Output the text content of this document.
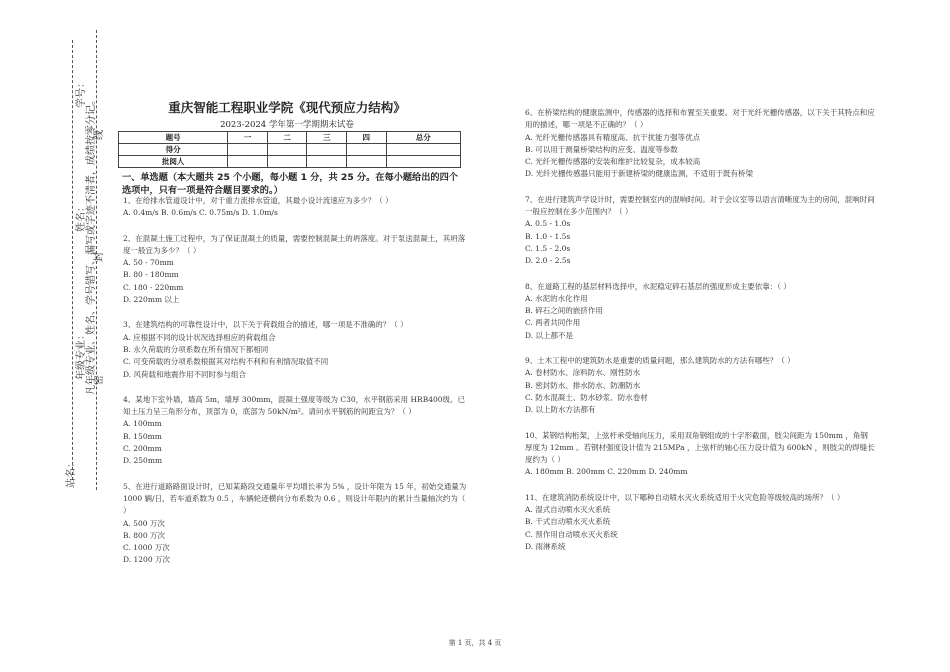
学号：
姓名：
年级专业：
站名：
凡年级专业、姓名、学号错写、漏写或字迹不清者，成绩按零分记。
线
封
密
重庆智能工程职业学院《现代预应力结构》
2023-2024 学年第一学期期末试卷
题号	一	二	三	四	总分
得分					
批阅人					
一、单选题（本大题共 25 个小题，每小题 1 分，共 25 分。在每小题给出的四个选项中，只有一项是符合题目要求的。）
1、在给排水管道设计中，对于重力流排水管道，其最小设计流速应为多少？（ ）
A. 0.4m/s B. 0.6m/s C. 0.75m/s D. 1.0m/s
2、在混凝土施工过程中，为了保证混凝土的质量，需要控制混凝土的坍落度。对于泵送混凝土，其坍落度一般宜为多少？（ ）
A. 50 - 70mm
B. 80 - 180mm
C. 180 - 220mm
D. 220mm 以上
3、在建筑结构的可靠性设计中，以下关于荷载组合的描述，哪一项是不准确的？（ ）
A. 应根据不同的设计状况选择相应的荷载组合
B. 永久荷载的分项系数在所有情况下都相同
C. 可变荷载的分项系数根据其对结构不利和有利情况取值不同
D. 风荷载和地震作用不同时参与组合
4、某地下室外墙，墙高 5m，墙厚 300mm，混凝土强度等级为 C30，水平钢筋采用 HRB400级。已知土压力呈三角形分布，顶部为 0，底部为 50kN/m²。请问水平钢筋的间距宜为？（ ）
A. 100mm
B. 150mm
C. 200mm
D. 250mm
5、在进行道路路面设计时，已知某路段交通量年平均增长率为 5% ，设计年限为 15 年，初始交通量为 1000 辆/日，若车道系数为 0.5 ，车辆轮迹横向分布系数为 0.6 ，则设计年限内的累计当量轴次约为（ ）
A. 500 万次
B. 800 万次
C. 1000 万次
D. 1200 万次
6、在桥梁结构的健康监测中，传感器的选择和布置至关重要。对于光纤光栅传感器，以下关于其特点和应用的描述，哪一项是不正确的？（ ）
A. 光纤光栅传感器具有精度高、抗干扰能力强等优点
B. 可以用于测量桥梁结构的应变、温度等参数
C. 光纤光栅传感器的安装和维护比较复杂，成本较高
D. 光纤光栅传感器只能用于新建桥梁的健康监测，不适用于既有桥梁
7、在进行建筑声学设计时，需要控制室内的混响时间。对于会议室等以语言清晰度为主的房间，混响时间一般应控制在多少范围内？（ ）
A. 0.5 - 1.0s
B. 1.0 - 1.5s
C. 1.5 - 2.0s
D. 2.0 - 2.5s
8、在道路工程的基层材料选择中，水泥稳定碎石基层的强度形成主要依靠：（ ）
A. 水泥的水化作用
B. 碎石之间的嵌挤作用
C. 两者共同作用
D. 以上都不是
9、土木工程中的建筑防水是重要的质量问题，那么建筑防水的方法有哪些？（ ）
A. 卷材防水、涂料防水、刚性防水
B. 密封防水、排水防水、防潮防水
C. 防水混凝土、防水砂浆、防水卷材
D. 以上防水方法都有
10、某钢结构桁架，上弦杆承受轴向压力，采用双角钢组成的十字形截面，肢尖间距为 150mm ，角钢厚度为 12mm 。若钢材强度设计值为 215MPa ，上弦杆的轴心压力设计值为 600kN ，则肢尖的焊缝长度约为（ ）
A. 180mm B. 200mm C. 220mm D. 240mm
11、在建筑消防系统设计中，以下哪种自动喷水灭火系统适用于火灾危险等级较高的场所？（ ）
A. 湿式自动喷水灭火系统
B. 干式自动喷水灭火系统
C. 预作用自动喷水灭火系统
D. 雨淋系统
第 1 页，共 4 页
